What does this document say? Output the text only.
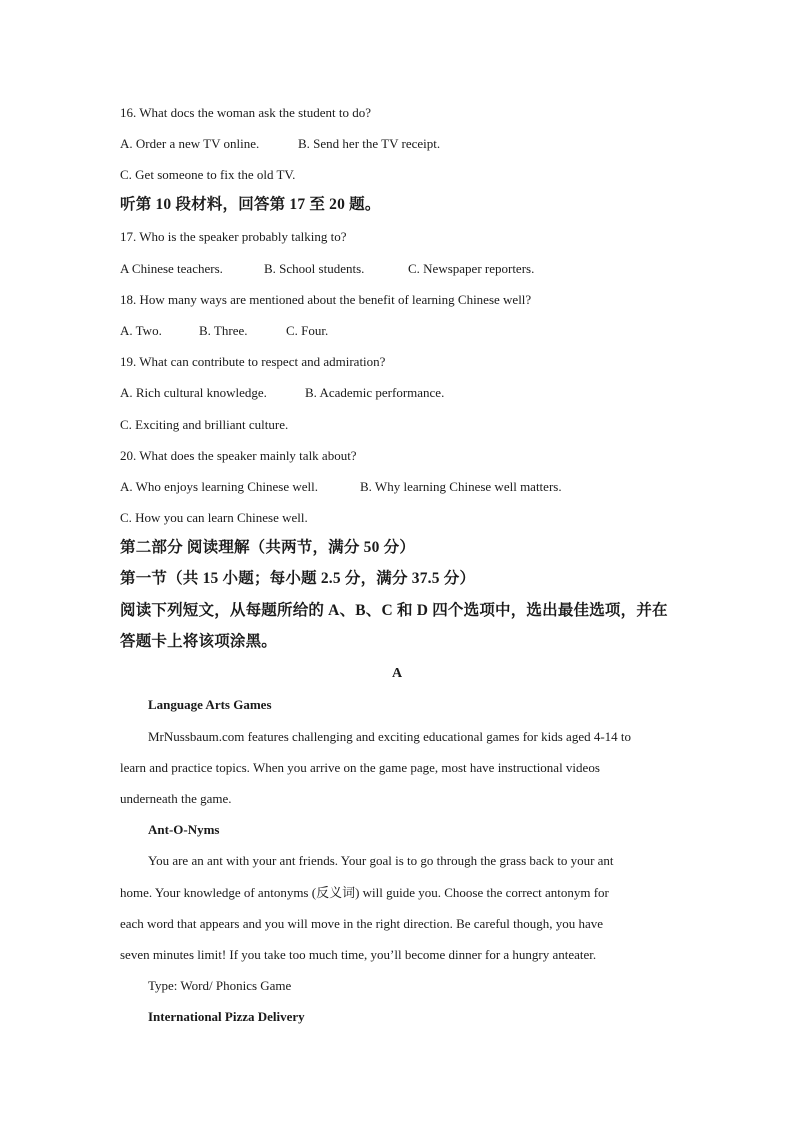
16. What docs the woman ask the student to do?
A. Order a new TV online.	B. Send her the TV receipt.
C. Get someone to fix the old TV.
听第 10 段材料，回答第 17 至 20 题。
17. Who is the speaker probably talking to?
A Chinese teachers.	B. School students.	C. Newspaper reporters.
18. How many ways are mentioned about the benefit of learning Chinese well?
A. Two.	B. Three.	C. Four.
19. What can contribute to respect and admiration?
A. Rich cultural knowledge.	B. Academic performance.
C. Exciting and brilliant culture.
20. What does the speaker mainly talk about?
A. Who enjoys learning Chinese well.	B. Why learning Chinese well matters.
C. How you can learn Chinese well.
第二部分 阅读理解（共两节，满分 50 分）
第一节（共 15 小题；每小题 2.5 分，满分 37.5 分）
阅读下列短文，从每题所给的 A、B、C 和 D 四个选项中，选出最佳选项，并在
答题卡上将该项涂黑。
A
Language Arts Games
MrNussbaum.com features challenging and exciting educational games for kids aged 4-14 to
learn and practice topics. When you arrive on the game page, most have instructional videos
underneath the game.
Ant-O-Nyms
You are an ant with your ant friends. Your goal is to go through the grass back to your ant
home. Your knowledge of antonyms (反义词) will guide you. Choose the correct antonym for
each word that appears and you will move in the right direction. Be careful though, you have
seven minutes limit! If you take too much time, you’ll become dinner for a hungry anteater.
Type: Word/ Phonics Game
International Pizza Delivery
